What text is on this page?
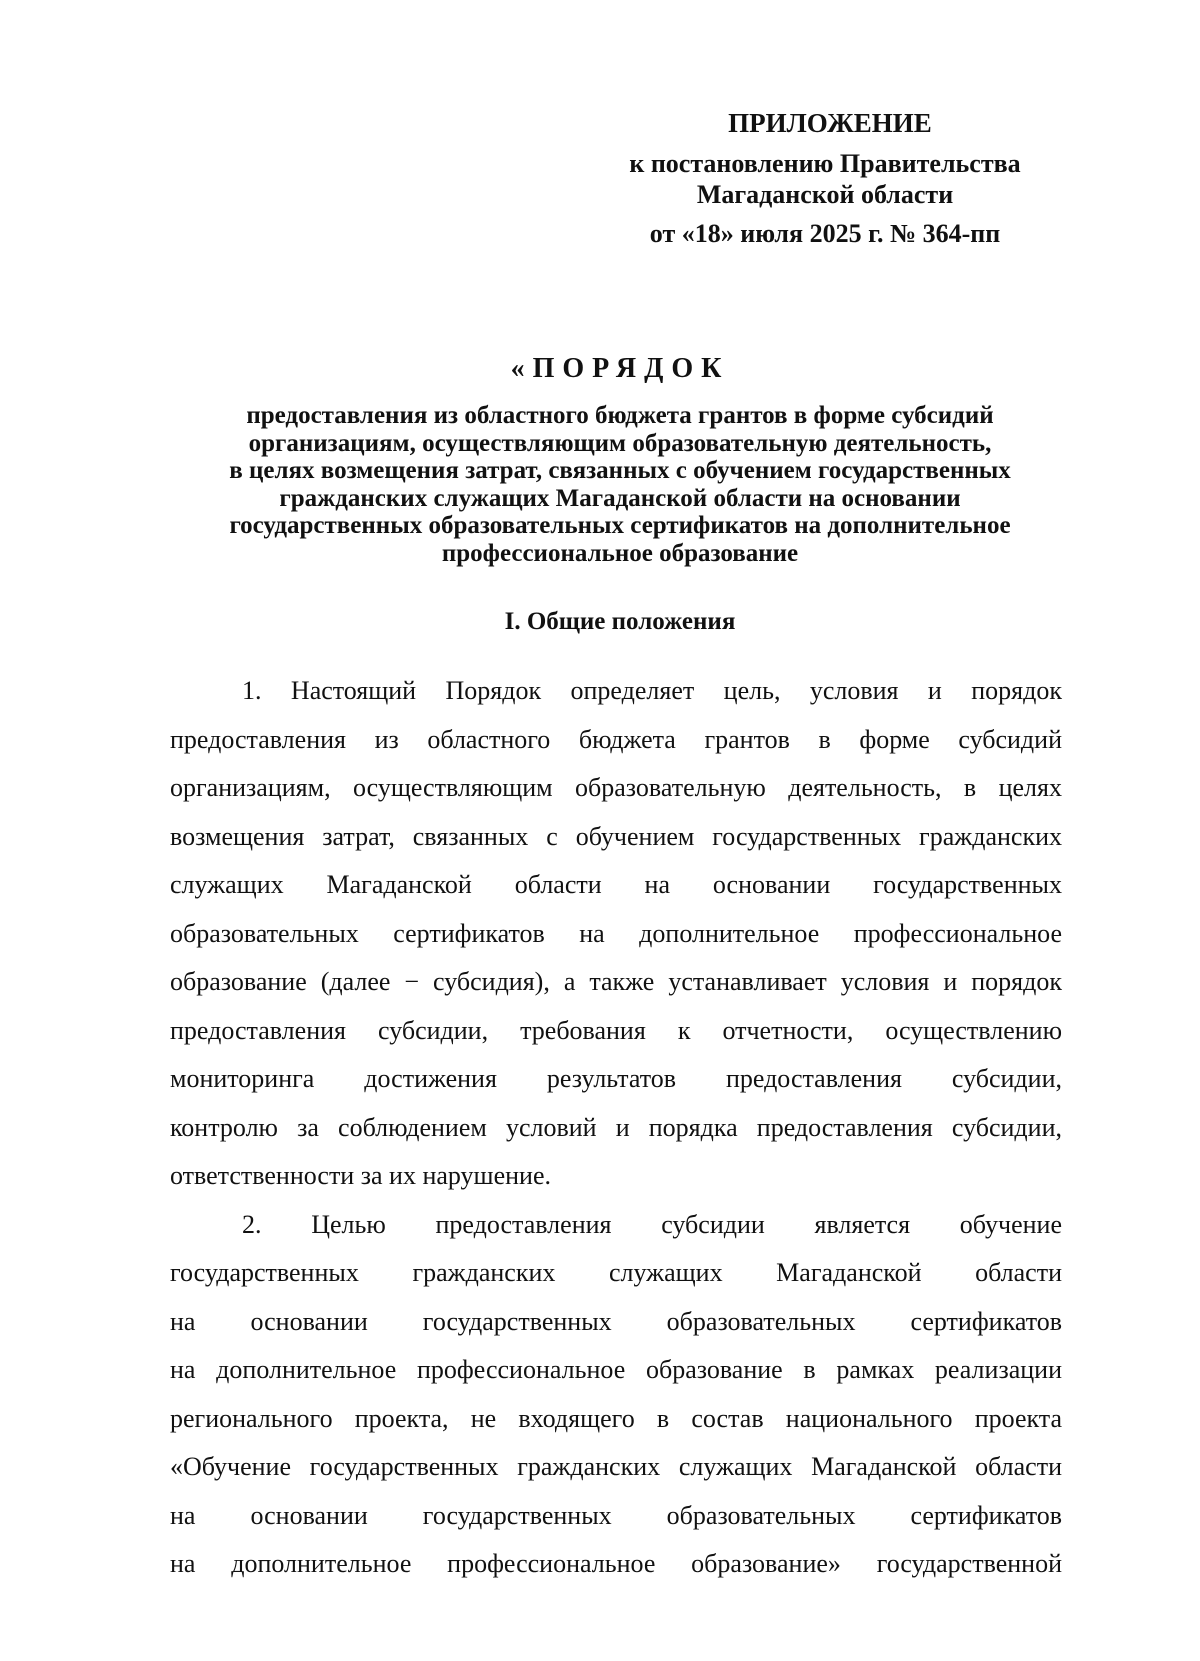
ПРИЛОЖЕНИЕ
к постановлению Правительства
Магаданской области
от «18» июля 2025 г. № 364-пп
«ПОРЯДОК
предоставления из областного бюджета грантов в форме субсидий
организациям, осуществляющим образовательную деятельность,
в целях возмещения затрат, связанных с обучением государственных
гражданских служащих Магаданской области на основании
государственных образовательных сертификатов на дополнительное
профессиональное образование
I. Общие положения
1. Настоящий Порядок определяет цель, условия и порядок
предоставления из областного бюджета грантов в форме субсидий
организациям, осуществляющим образовательную деятельность, в целях
возмещения затрат, связанных с обучением государственных гражданских
служащих Магаданской области на основании государственных
образовательных сертификатов на дополнительное профессиональное
образование (далее − субсидия), а также устанавливает условия и порядок
предоставления субсидии, требования к отчетности, осуществлению
мониторинга достижения результатов предоставления субсидии,
контролю за соблюдением условий и порядка предоставления субсидии,
ответственности за их нарушение.
2. Целью предоставления субсидии является обучение
государственных гражданских служащих Магаданской области
на основании государственных образовательных сертификатов
на дополнительное профессиональное образование в рамках реализации
регионального проекта, не входящего в состав национального проекта
«Обучение государственных гражданских служащих Магаданской области
на основании государственных образовательных сертификатов
на дополнительное профессиональное образование» государственной
